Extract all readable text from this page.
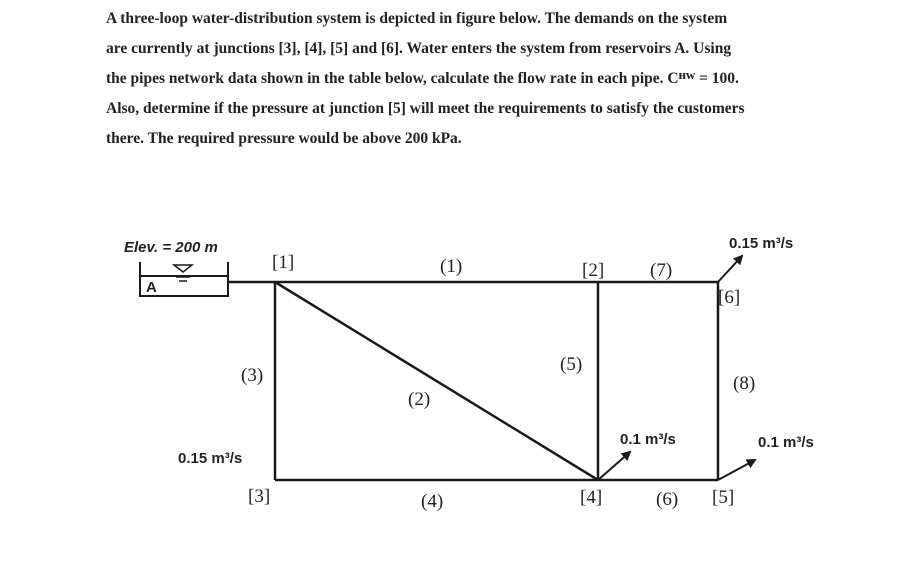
A three-loop water-distribution system is depicted in figure below. The demands on the system

are currently at junctions [3], [4], [5] and [6]. Water enters the system from reservoirs A. Using

the pipes network data shown in the table below, calculate the flow rate in each pipe. Cᴴᵂ = 100.

Also, determine if the pressure at junction [5] will meet the requirements to satisfy the customers

there. The required pressure would be above 200 kPa.

A
Elev. = 200 m
[1]	[2]
[3]	[4]	[5]
[6]
(1)
(2)
(3)
(4)
(5)
(6)
(7)
(8)
0.15 m³/s
0.1 m³/s	0.1 m³/s
0.15 m³/s
